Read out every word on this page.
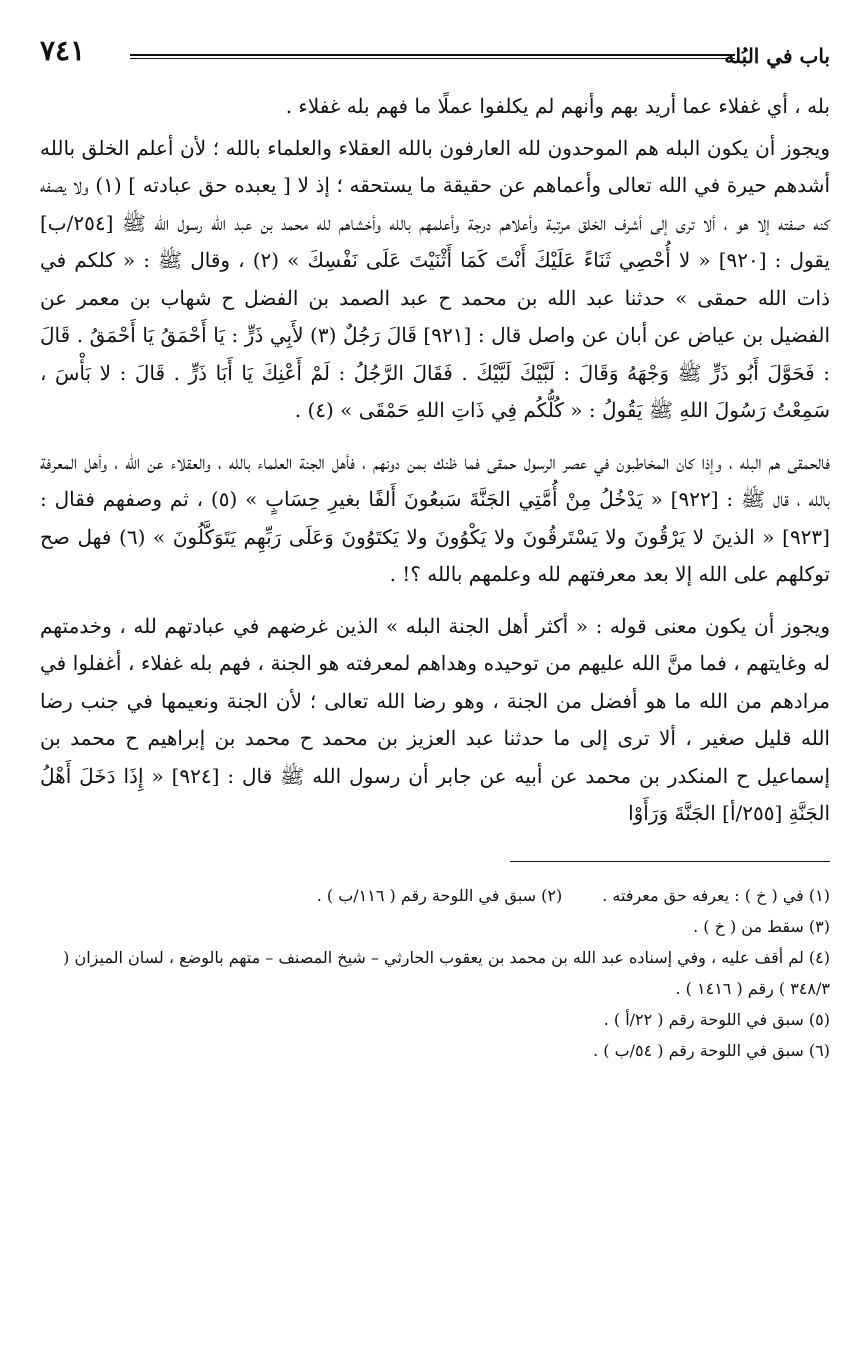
باب في البُله
٧٤١

بله ، أي غفلاء عما أريد بهم وأنهم لم يكلفوا عملًا ما فهم بله غفلاء .

ويجوز أن يكون البله هم الموحدون لله العارفون بالله العقلاء والعلماء بالله ؛ لأن أعلم الخلق بالله أشدهم حيرة في الله تعالى وأعماهم عن حقيقة ما يستحقه ؛ إذ لا [ يعبده حق عبادته ] (١) ولا يصفه كنه صفته إلا هو ، ألا ترى إلى أشرف الخلق مرتبة وأعلاهم درجة وأعلمهم بالله وأخشاهم لله محمد بن عبد الله رسول الله ﷺ [٢٥٤/ب] يقول : [٩٢٠] « لا أُحْصِي ثَنَاءً عَلَيْكَ أَنْتَ كَمَا أَثْنَيْتَ عَلَى نَفْسِكَ » (٢) ، وقال ﷺ : « كلكم في ذات الله حمقى » حدثنا عبد الله بن محمد ح عبد الصمد بن الفضل ح شهاب بن معمر عن الفضيل بن عياض عن أبان عن واصل قال : [٩٢١] قَالَ رَجُلٌ (٣) لأَبِي ذَرٍّ : يَا أَحْمَقُ يَا أَحْمَقُ . قَالَ : فَحَوَّلَ أَبُو ذَرٍّ ﷺ وَجْهَهُ وَقَالَ : لَبَّيْكَ لَبَّيْكَ . فَقَالَ الرَّجُلُ : لَمْ أَعْنِكَ يَا أَبَا ذَرٍّ . قَالَ : لا بَأْسَ ، سَمِعْتُ رَسُولَ اللهِ ﷺ يَقُولُ : « كُلُّكُم فِي ذَاتِ اللهِ حَمْقَى » (٤) .

فالحمقى هم البله ، وإذا كان المخاطبون في عصر الرسول حمقى فما ظنك بمن دونهم ، فأهل الجنة العلماء بالله ، والعقلاء عن الله ، وأهل المعرفة بالله ، قال ﷺ : [٩٢٢] « يَدْخُلُ مِنْ أُمَّتِي الجَنَّةَ سَبعُونَ أَلفًا بغيرِ حِسَابٍ » (٥) ، ثم وصفهم فقال : [٩٢٣] « الذينَ لا يَرْقُونَ ولا يَسْتَرقُونَ ولا يَكْوُونَ ولا يَكتَوُونَ وَعَلَى رَبِّهِم يَتَوَكَّلُونَ » (٦) فهل صح توكلهم على الله إلا بعد معرفتهم لله وعلمهم بالله ؟! .

ويجوز أن يكون معنى قوله : « أكثر أهل الجنة البله » الذين غرضهم في عبادتهم لله ، وخدمتهم له وغايتهم ، فما منَّ الله عليهم من توحيده وهداهم لمعرفته هو الجنة ، فهم بله غفلاء ، أغفلوا في مرادهم من الله ما هو أفضل من الجنة ، وهو رضا الله تعالى ؛ لأن الجنة ونعيمها في جنب رضا الله قليل صغير ، ألا ترى إلى ما حدثنا عبد العزيز بن محمد ح محمد بن إبراهيم ح محمد بن إسماعيل ح المنكدر بن محمد عن أبيه عن جابر أن رسول الله ﷺ قال : [٩٢٤] « إِذَا دَخَلَ أَهْلُ الجَنَّةِ [٢٥٥/أ] الجَنَّةَ وَرَأَوْا

(١) في ( خ ) : يعرفه حق معرفته .

(٢) سبق في اللوحة رقم ( ١١٦/ب ) .

(٣) سقط من ( خ ) .

(٤) لم أقف عليه ، وفي إسناده عبد الله بن محمد بن يعقوب الحارثي – شيخ المصنف – متهم بالوضع ، لسان الميزان ( ٣٤٨/٣ ) رقم ( ١٤١٦ ) .

(٥) سبق في اللوحة رقم ( ٢٢/أ ) .

(٦) سبق في اللوحة رقم ( ٥٤/ب ) .
